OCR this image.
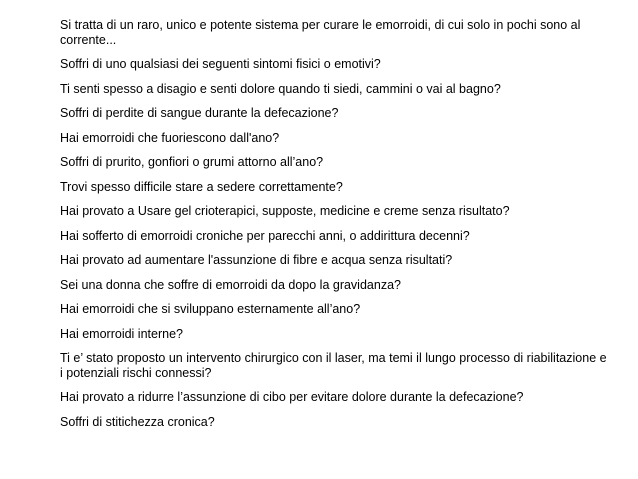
Si tratta di un raro, unico e potente sistema per curare le emorroidi, di cui solo in pochi sono al corrente...

Soffri di uno qualsiasi dei seguenti sintomi fisici o emotivi?

Ti senti spesso a disagio e senti dolore quando ti siedi, cammini o vai al bagno?

Soffri di perdite di sangue durante la defecazione?

Hai emorroidi che fuoriescono dall'ano?

Soffri di prurito, gonfiori o grumi attorno all’ano?

Trovi spesso difficile stare a sedere correttamente?

Hai provato a Usare gel crioterapici, supposte, medicine e creme senza risultato?

Hai sofferto di emorroidi croniche per parecchi anni, o addirittura decenni?

Hai provato ad aumentare l'assunzione di fibre e acqua senza risultati?

Sei una donna che soffre di emorroidi da dopo la gravidanza?

Hai emorroidi che si sviluppano esternamente all’ano?

Hai emorroidi interne?

Ti e’ stato proposto un intervento chirurgico con il laser, ma temi il lungo processo di riabilitazione e i potenziali rischi connessi?

Hai provato a ridurre l’assunzione di cibo per evitare dolore durante la defecazione?

Soffri di stitichezza cronica?
